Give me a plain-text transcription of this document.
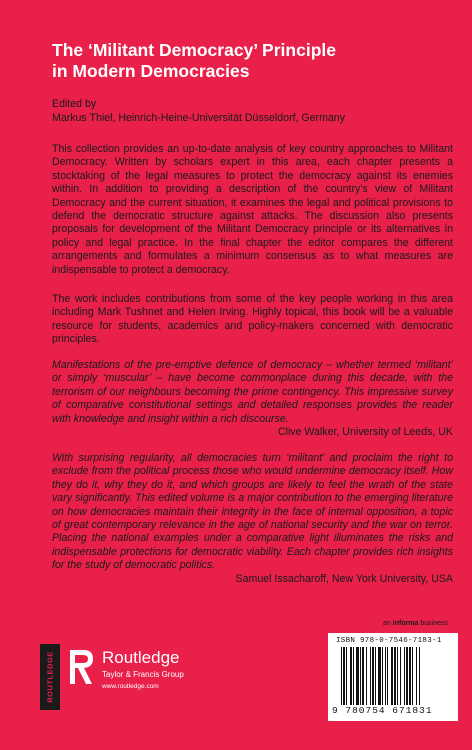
The ‘Militant Democracy’ Principle
in Modern Democracies
Edited by
Markus Thiel, Heinrich-Heine-Universität Düsseldorf, Germany

This collection provides an up-to-date analysis of key country approaches to Militant Democracy. Written by scholars expert in this area, each chapter presents a stocktaking of the legal measures to protect the democracy against its enemies within. In addition to providing a description of the country’s view of Militant Democracy and the current situation, it examines the legal and political provisions to defend the democratic structure against attacks. The discussion also presents proposals for development of the Militant Democracy principle or its alternatives in policy and legal practice. In the final chapter the editor compares the different arrangements and formulates a minimum consensus as to what measures are indispensable to protect a democracy.

The work includes contributions from some of the key people working in this area including Mark Tushnet and Helen Irving. Highly topical, this book will be a valuable resource for students, academics and policy-makers concerned with democratic principles.

Manifestations of the pre-emptive defence of democracy – whether termed ‘militant’ or simply ‘muscular’ – have become commonplace during this decade, with the terrorism of our neighbours becoming the prime contingency. This impressive survey of comparative constitutional settings and detailed responses provides the reader with knowledge and insight within a rich discourse.

Clive Walker, University of Leeds, UK

With surprising regularity, all democracies turn ‘militant’ and proclaim the right to exclude from the political process those who would undermine democracy itself. How they do it, why they do it, and which groups are likely to feel the wrath of the state vary significantly. This edited volume is a major contribution to the emerging literature on how democracies maintain their integrity in the face of internal opposition, a topic of great contemporary relevance in the age of national security and the war on terror. Placing the national examples under a comparative light illuminates the risks and indispensable protections for democratic viability. Each chapter provides rich insights for the study of democratic politics.

Samuel Issacharoff, New York University, USA

an informa business
ROUTLEDGE	Routledge
Taylor & Francis Group
www.routledge.com
ISBN 978-0-7546-7183-1
9 780754 671831
